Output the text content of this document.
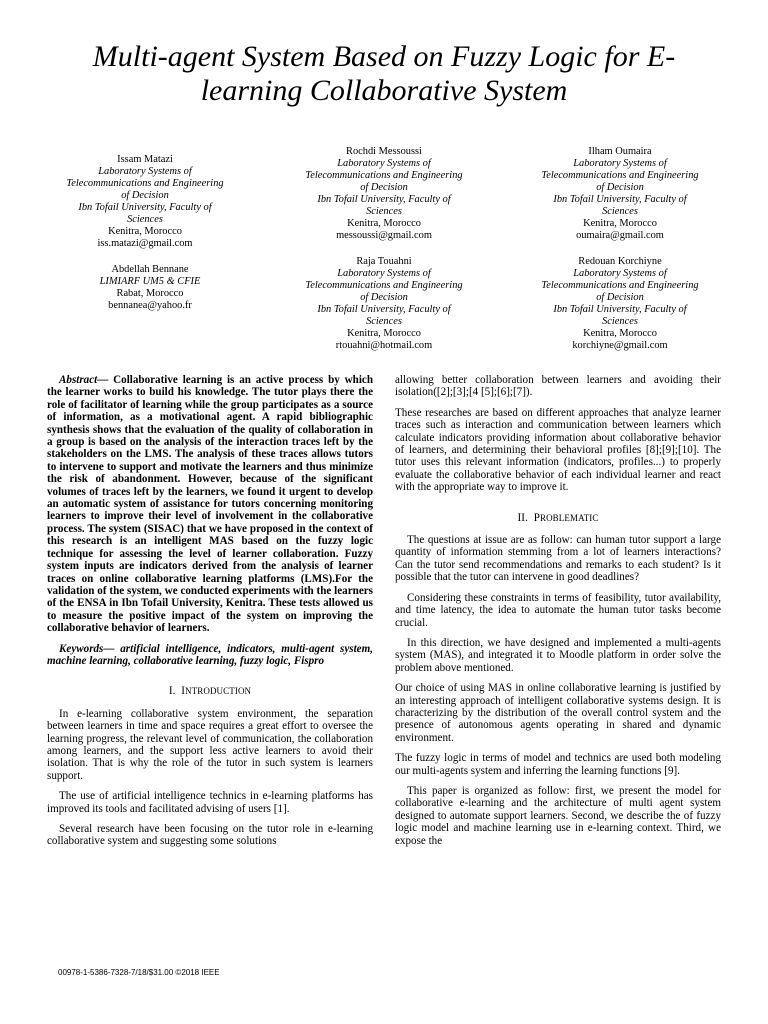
Multi-agent System Based on Fuzzy Logic for E-learning Collaborative System
Issam Matazi
Laboratory Systems of
Telecommunications and Engineering
of Decision
Ibn Tofail University, Faculty of
Sciences
Kenitra, Morocco
iss.matazi@gmail.com
Rochdi Messoussi
Laboratory Systems of
Telecommunications and Engineering
of Decision
Ibn Tofail University, Faculty of
Sciences
Kenitra, Morocco
messoussi@gmail.com
Ilham Oumaira
Laboratory Systems of
Telecommunications and Engineering
of Decision
Ibn Tofail University, Faculty of
Sciences
Kenitra, Morocco
oumaira@gmail.com
Abdellah Bennane
LIMIARF UM5 & CFIE
Rabat, Morocco
bennanea@yahoo.fr
Raja Touahni
Laboratory Systems of
Telecommunications and Engineering
of Decision
Ibn Tofail University, Faculty of
Sciences
Kenitra, Morocco
rtouahni@hotmail.com
Redouan Korchiyne
Laboratory Systems of
Telecommunications and Engineering
of Decision
Ibn Tofail University, Faculty of
Sciences
Kenitra, Morocco
korchiyne@gmail.com

Abstract— Collaborative learning is an active process by which the learner works to build his knowledge. The tutor plays there the role of facilitator of learning while the group participates as a source of information, as a motivational agent. A rapid bibliographic synthesis shows that the evaluation of the quality of collaboration in a group is based on the analysis of the interaction traces left by the stakeholders on the LMS. The analysis of these traces allows tutors to intervene to support and motivate the learners and thus minimize the risk of abandonment. However, because of the significant volumes of traces left by the learners, we found it urgent to develop an automatic system of assistance for tutors concerning monitoring learners to improve their level of involvement in the collaborative process. The system (SISAC) that we have proposed in the context of this research is an intelligent MAS based on the fuzzy logic technique for assessing the level of learner collaboration. Fuzzy system inputs are indicators derived from the analysis of learner traces on online collaborative learning platforms (LMS).For the validation of the system, we conducted experiments with the learners of the ENSA in Ibn Tofail University, Kenitra. These tests allowed us to measure the positive impact of the system on improving the collaborative behavior of learners.

Keywords— artificial intelligence, indicators, multi-agent system, machine learning, collaborative learning, fuzzy logic, Fispro

I. INTRODUCTION

In e-learning collaborative system environment, the separation between learners in time and space requires a great effort to oversee the learning progress, the relevant level of communication, the collaboration among learners, and the support less active learners to avoid their isolation. That is why the role of the tutor in such system is learners support.

The use of artificial intelligence technics in e-learning platforms has improved its tools and facilitated advising of users [1].

Several research have been focusing on the tutor role in e-learning collaborative system and suggesting some solutions

allowing better collaboration between learners and avoiding their isolation([2];[3];[4 [5];[6];[7]).

These researches are based on different approaches that analyze learner traces such as interaction and communication between learners which calculate indicators providing information about collaborative behavior of learners, and determining their behavioral profiles [8];[9];[10]. The tutor uses this relevant information (indicators, profiles...) to properly evaluate the collaborative behavior of each individual learner and react with the appropriate way to improve it.

II. PROBLEMATIC

The questions at issue are as follow: can human tutor support a large quantity of information stemming from a lot of learners interactions? Can the tutor send recommendations and remarks to each student? Is it possible that the tutor can intervene in good deadlines?

Considering these constraints in terms of feasibility, tutor availability, and time latency, the idea to automate the human tutor tasks become crucial.

In this direction, we have designed and implemented a multi-agents system (MAS), and integrated it to Moodle platform in order solve the problem above mentioned.

Our choice of using MAS in online collaborative learning is justified by an interesting approach of intelligent collaborative systems design. It is characterizing by the distribution of the overall control system and the presence of autonomous agents operating in shared and dynamic environment.

The fuzzy logic in terms of model and technics are used both modeling our multi-agents system and inferring the learning functions [9].

This paper is organized as follow: first, we present the model for collaborative e-learning and the architecture of multi agent system designed to automate support learners. Second, we describe the of fuzzy logic model and machine learning use in e-learning context. Third, we expose the

00978-1-5386-7328-7/18/$31.00 ©2018 IEEE
